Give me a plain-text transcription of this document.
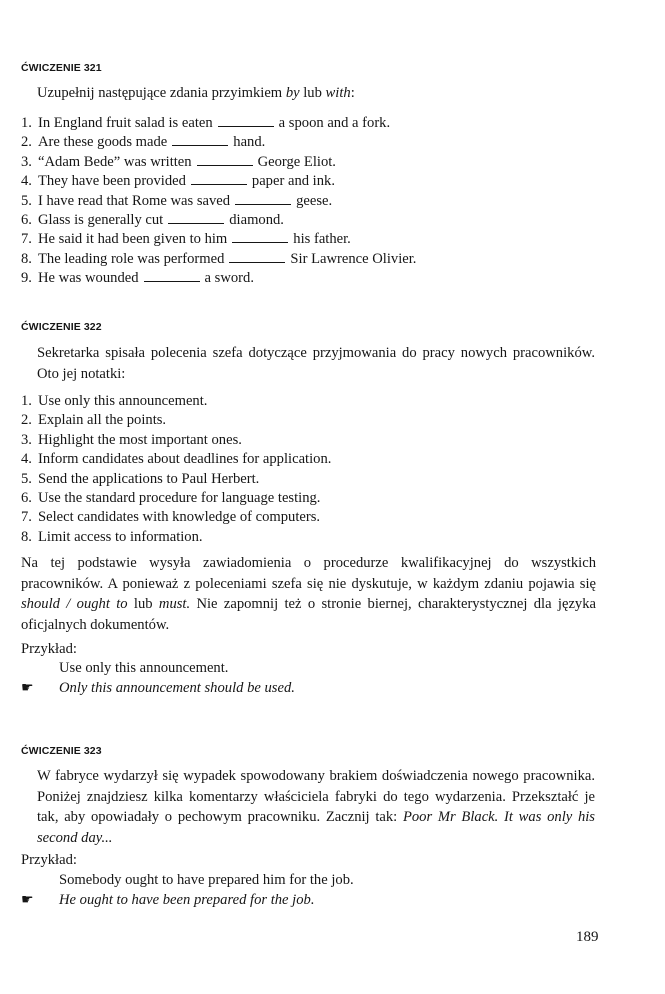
ĆWICZENIE 321
Uzupełnij następujące zdania przyimkiem by lub with:
1. In England fruit salad is eaten	a spoon and a fork.
2. Are these goods made	hand.
3. “Adam Bede” was written	George Eliot.
4. They have been provided	paper and ink.
5. I have read that Rome was saved	geese.
6. Glass is generally cut	diamond.
7. He said it had been given to him	his father.
8. The leading role was performed	Sir Lawrence Olivier.
9. He was wounded	a sword.
ĆWICZENIE 322
Sekretarka spisała polecenia szefa dotyczące przyjmowania do pracy nowych pracowników. Oto jej notatki:
1. Use only this announcement.
2. Explain all the points.
3. Highlight the most important ones.
4. Inform candidates about deadlines for application.
5. Send the applications to Paul Herbert.
6. Use the standard procedure for language testing.
7. Select candidates with knowledge of computers.
8. Limit access to information.
Na tej podstawie wysyła zawiadomienia o procedurze kwalifikacyjnej do wszystkich pracowników. A ponieważ z poleceniami szefa się nie dyskutuje, w każdym zdaniu pojawia się should / ought to lub must. Nie zapomnij też o stronie biernej, charakterystycznej dla języka oficjalnych dokumentów.
Przykład:
Use only this announcement.
☛ Only this announcement should be used.
ĆWICZENIE 323
W fabryce wydarzył się wypadek spowodowany brakiem doświadczenia nowego pracownika. Poniżej znajdziesz kilka komentarzy właściciela fabryki do tego wydarzenia. Przekształć je tak, aby opowiadały o pechowym pracowniku. Zacznij tak: Poor Mr Black. It was only his second day...
Przykład:
Somebody ought to have prepared him for the job.
☛ He ought to have been prepared for the job.
189
